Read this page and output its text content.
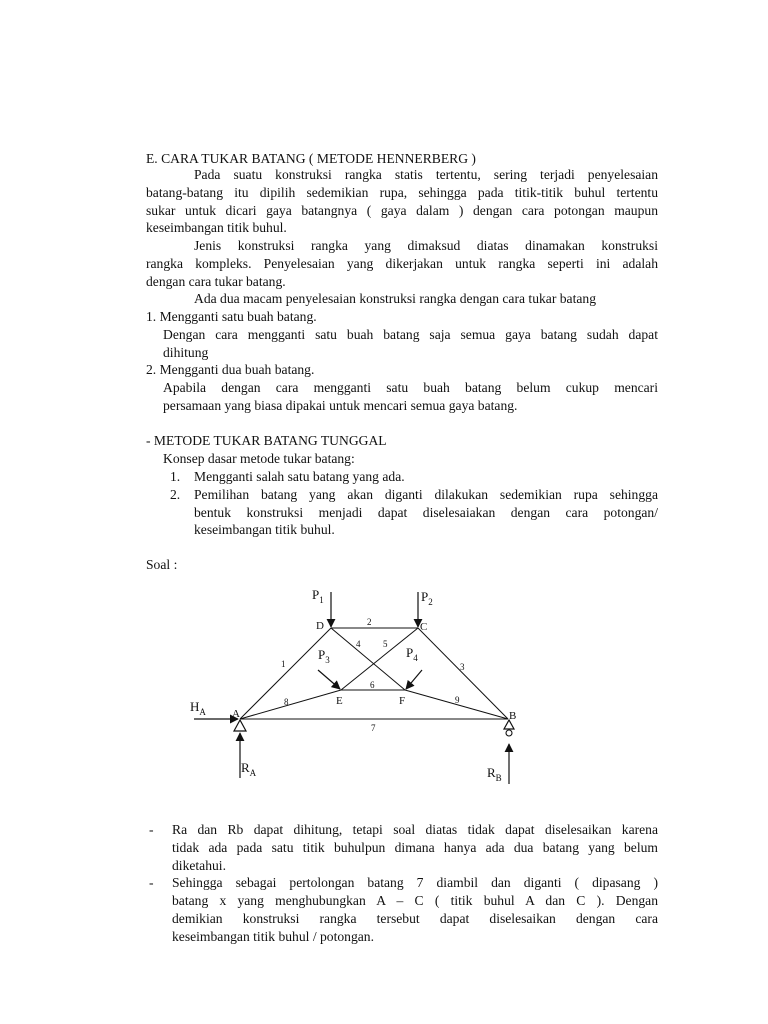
E. CARA TUKAR BATANG ( METODE HENNERBERG )

Pada suatu konstruksi rangka statis tertentu, sering terjadi penyelesaian

batang-batang itu dipilih sedemikian rupa, sehingga pada titik-titik buhul tertentu

sukar untuk dicari gaya batangnya ( gaya dalam ) dengan cara potongan maupun

keseimbangan titik buhul.

Jenis konstruksi rangka yang dimaksud diatas dinamakan konstruksi

rangka kompleks. Penyelesaian yang dikerjakan untuk rangka seperti ini adalah

dengan cara tukar batang.

Ada dua macam penyelesaian konstruksi rangka dengan cara tukar batang

1. Mengganti satu buah batang.

Dengan cara mengganti satu buah batang saja semua gaya batang sudah dapat

dihitung

2. Mengganti dua buah batang.

Apabila dengan cara mengganti satu buah batang belum cukup mencari

persamaan yang biasa dipakai untuk mencari semua gaya batang.

- METODE TUKAR BATANG TUNGGAL

Konsep dasar metode tukar batang:

1. Mengganti salah satu batang yang ada.

2. Pemilihan batang yang akan diganti dilakukan sedemikian rupa sehingga

bentuk konstruksi menjadi dapat diselesaiakan dengan cara potongan/

keseimbangan titik buhul.

Soal :

$P_1$	$P_2$
$P_3$	$P_4$
$H_A$
$R_A$	$R_B$
A	B
C
D
E	F
1
2
3
4	5
6
7
8	9

- Ra dan Rb dapat dihitung, tetapi soal diatas tidak dapat diselesaikan karena

tidak ada pada satu titik buhulpun dimana hanya ada dua batang yang belum

diketahui.

- Sehingga sebagai pertolongan batang 7 diambil dan diganti ( dipasang )

batang x yang menghubungkan A – C ( titik buhul A dan C ). Dengan

demikian konstruksi rangka tersebut dapat diselesaikan dengan cara

keseimbangan titik buhul / potongan.
